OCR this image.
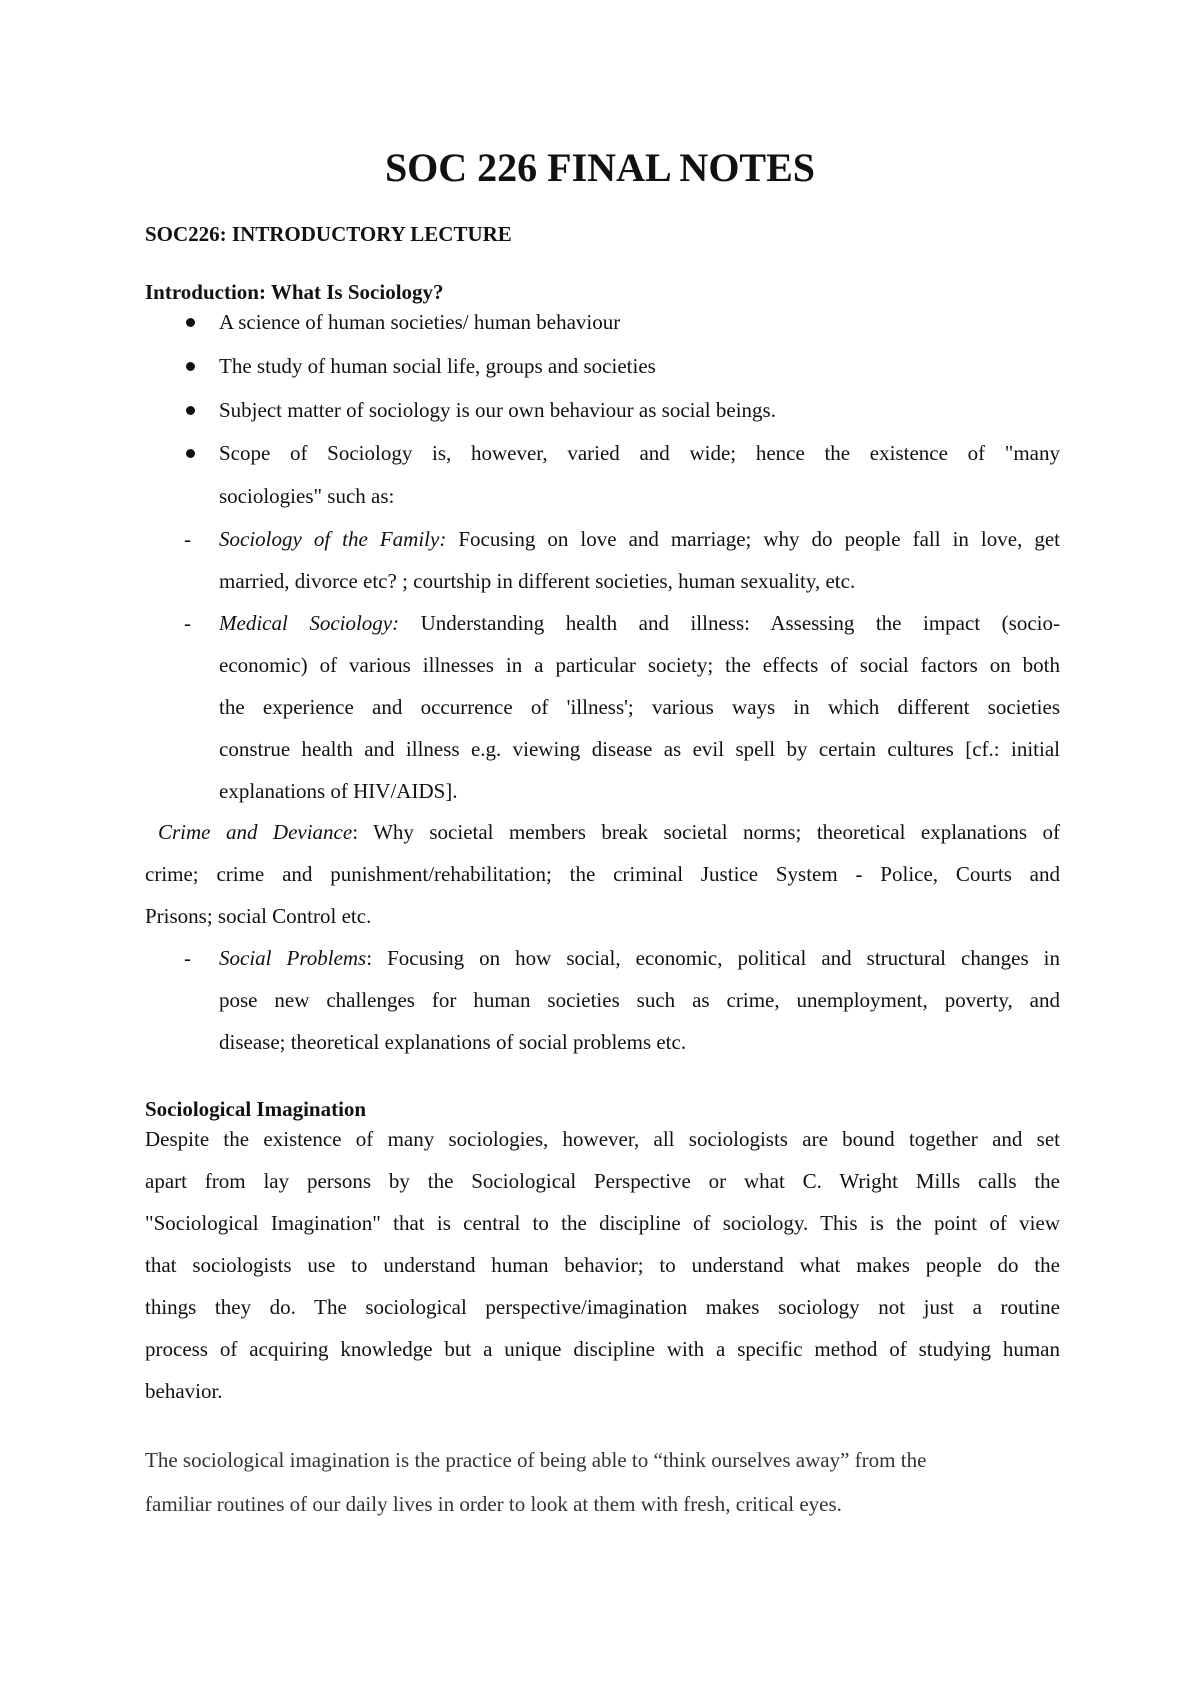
SOC 226 FINAL NOTES
SOC226: INTRODUCTORY LECTURE
Introduction: What Is Sociology?
A science of human societies/ human behaviour
The study of human social life, groups and societies
Subject matter of sociology is our own behaviour as social beings.
Scope of Sociology is, however, varied and wide; hence the existence of "many
sociologies" such as:
- Sociology of the Family: Focusing on love and marriage; why do people fall in love, get
married, divorce etc? ; courtship in different societies, human sexuality, etc.
- Medical Sociology: Understanding health and illness: Assessing the impact (socio-
economic) of various illnesses in a particular society; the effects of social factors on both
the experience and occurrence of 'illness'; various ways in which different societies
construe health and illness e.g. viewing disease as evil spell by certain cultures [cf.: initial
explanations of HIV/AIDS].
Crime and Deviance: Why societal members break societal norms; theoretical explanations of
crime; crime and punishment/rehabilitation; the criminal Justice System - Police, Courts and
Prisons; social Control etc.
- Social Problems: Focusing on how social, economic, political and structural changes in
pose new challenges for human societies such as crime, unemployment, poverty, and
disease; theoretical explanations of social problems etc.
Sociological Imagination
Despite the existence of many sociologies, however, all sociologists are bound together and set
apart from lay persons by the Sociological Perspective or what C. Wright Mills calls the
"Sociological Imagination" that is central to the discipline of sociology. This is the point of view
that sociologists use to understand human behavior; to understand what makes people do the
things they do. The sociological perspective/imagination makes sociology not just a routine
process of acquiring knowledge but a unique discipline with a specific method of studying human
behavior.
The sociological imagination is the practice of being able to “think ourselves away” from the
familiar routines of our daily lives in order to look at them with fresh, critical eyes.
